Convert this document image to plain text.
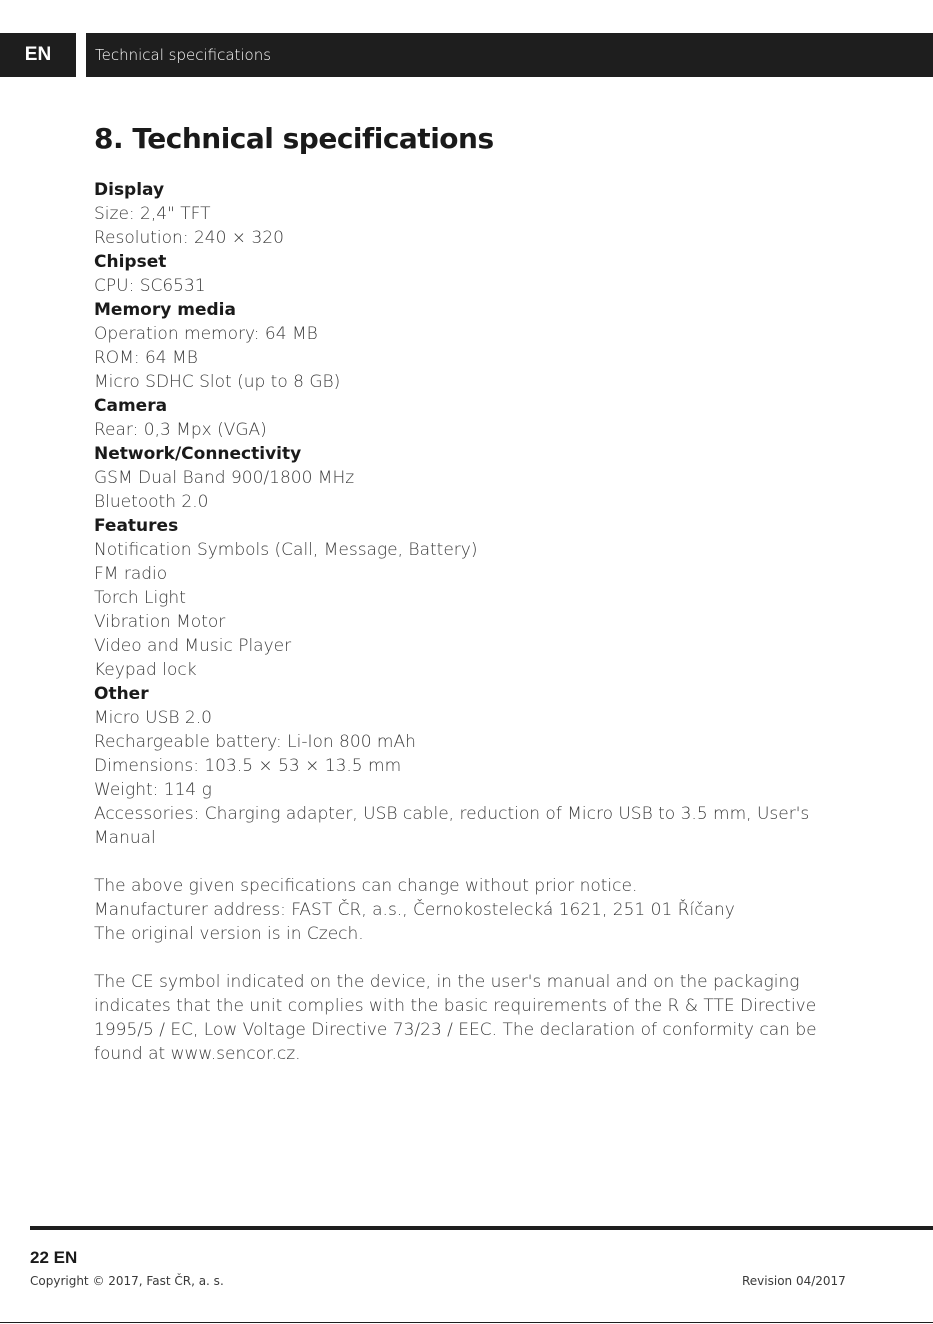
EN	Technical specifications
8. Technical specifications

Display

Size: 2,4" TFT

Resolution: 240 × 320

Chipset

CPU: SC6531

Memory media

Operation memory: 64 MB

ROM: 64 MB

Micro SDHC Slot (up to 8 GB)

Camera

Rear: 0,3 Mpx (VGA)

Network/Connectivity

GSM Dual Band 900/1800 MHz

Bluetooth 2.0

Features

Notification Symbols (Call, Message, Battery)

FM radio

Torch Light

Vibration Motor

Video and Music Player

Keypad lock

Other

Micro USB 2.0

Rechargeable battery: Li-Ion 800 mAh

Dimensions: 103.5 × 53 × 13.5 mm

Weight: 114 g

Accessories: Charging adapter, USB cable, reduction of Micro USB to 3.5 mm, User's Manual

The above given specifications can change without prior notice.
Manufacturer address: FAST ČR, a.s., Černokostelecká 1621, 251 01 Říčany
The original version is in Czech.

The CE symbol indicated on the device, in the user's manual and on the packaging indicates that the unit complies with the basic requirements of the R & TTE Directive 1995/5 / EC, Low Voltage Directive 73/23 / EEC. The declaration of conformity can be found at www.sencor.cz.

22 EN
Copyright © 2017, Fast ČR, a. s.	Revision 04/2017
